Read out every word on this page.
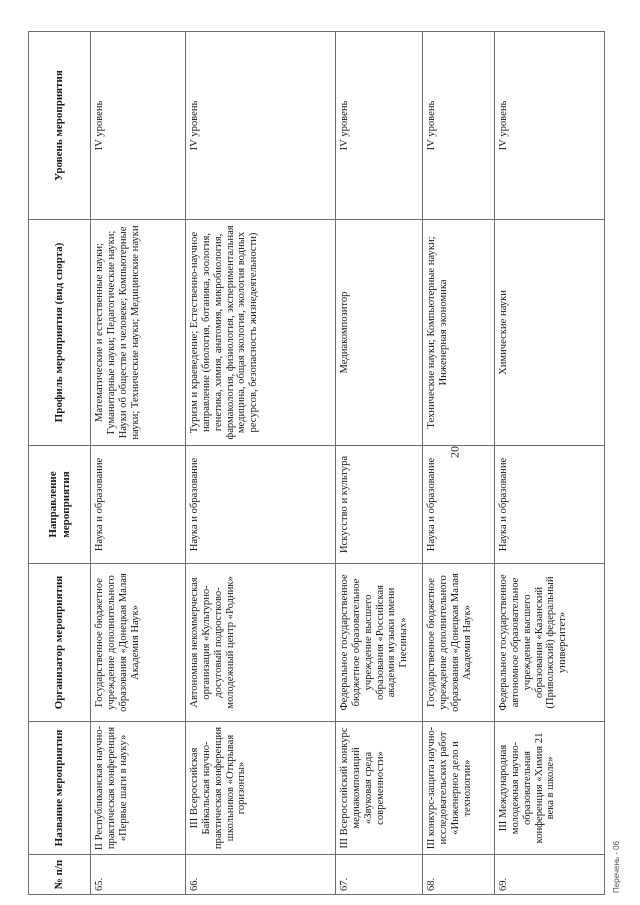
20
№ п/п	Название мероприятия	Организатор мероприятия	Направление мероприятия	Профиль мероприятия (вид спорта)	Уровень мероприятия
65.	II Республиканская научно-практическая конференция «Первые шаги в науку»	Государственное бюджетное учреждение дополнительного образования «Донецкая Малая Академия Наук»	Наука и образование	Математические и естественные науки; Гуманитарные науки; Педагогические науки; Науки об обществе и человеке; Компьютерные науки; Технические науки; Медицинские науки	IV уровень
66.	III Всероссийская Байкальская научно-практическая конференция школьников «Открывая горизонты»	Автономная некоммерческая организация «Культурно-досуговый подростково-молодежный центр «Родник»	Наука и образование	Туризм и краеведение; Естественно-научное направление (биология, ботаника, зоология, генетика, химия, анатомия, микробиология, фармакология, физиология, экспериментальная медицина, общая экология, экология водных ресурсов, безопасность жизнедеятельности)	IV уровень
67.	III Всероссийский конкурс медиакомпозиций «Звуковая среда современности»	Федеральное государственное бюджетное образовательное учреждение высшего образования «Российская академия музыки имени Гнесиных»	Искусство и культура	Медиакомпозитор	IV уровень
68.	III конкурс-защита научно-исследовательских работ «Инженерное дело и технологии»	Государственное бюджетное учреждение дополнительного образования «Донецкая Малая Академия Наук»	Наука и образование	Технические науки; Компьютерные науки; Инженерная экономика	IV уровень
69.	III Международная молодежная научно-образовательная конференция «Химия 21 века в школе»	Федеральное государственное автономное образовательное учреждение высшего образования «Казанский (Приволжский) федеральный университет»	Наука и образование	Химические науки	IV уровень
Перечень - 06
